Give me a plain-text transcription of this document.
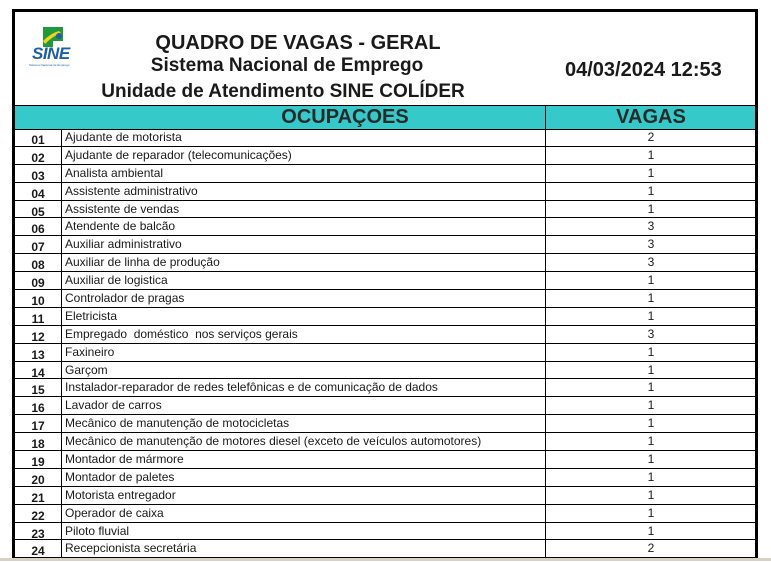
SINE
Sistema Nacional de Emprego
QUADRO DE VAGAS - GERAL
Sistema Nacional de Emprego
Unidade de Atendimento SINE COLÍDER
04/03/2024 12:53
OCUPAÇOES	VAGAS
01	Ajudante de motorista	2
02	Ajudante de reparador (telecomunicações)	1
03	Analista ambiental	1
04	Assistente administrativo	1
05	Assistente de vendas	1
06	Atendente de balcão	3
07	Auxiliar administrativo	3
08	Auxiliar de linha de produção	3
09	Auxiliar de logistica	1
10	Controlador de pragas	1
11	Eletricista	1
12	Empregado  doméstico  nos serviços gerais	3
13	Faxineiro	1
14	Garçom	1
15	Instalador-reparador de redes telefônicas e de comunicação de dados	1
16	Lavador de carros	1
17	Mecânico de manutenção de motocicletas	1
18	Mecânico de manutenção de motores diesel (exceto de veículos automotores)	1
19	Montador de mármore	1
20	Montador de paletes	1
21	Motorista entregador	1
22	Operador de caixa	1
23	Piloto fluvial	1
24	Recepcionista secretária	2
